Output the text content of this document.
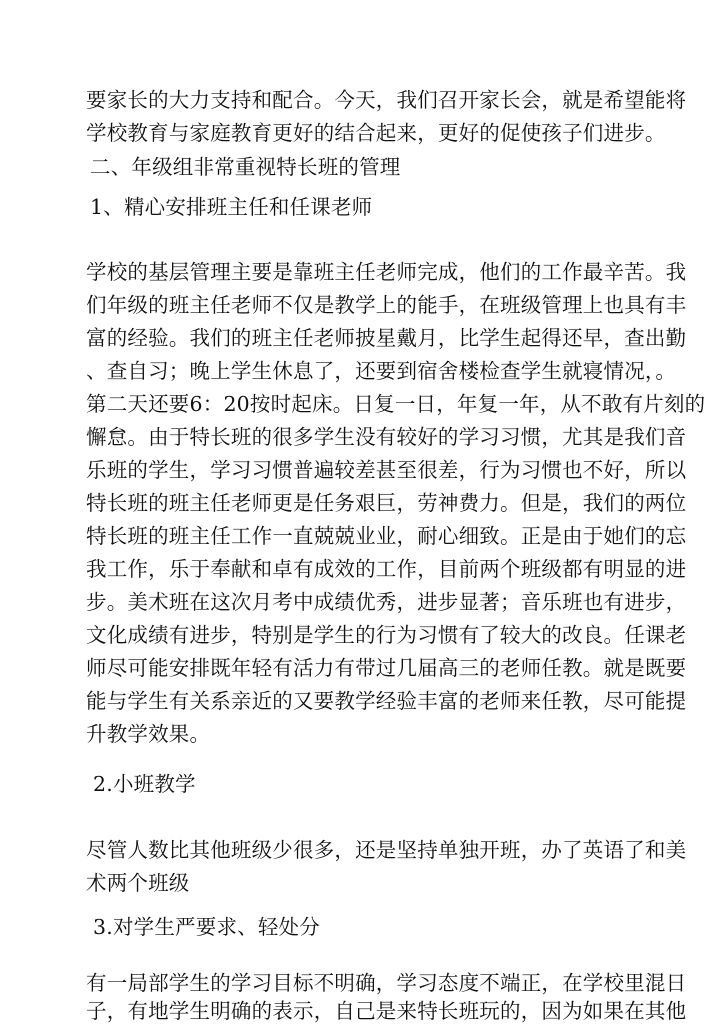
要家长的大力支持和配合。今天，我们召开家长会，就是希望能将
学校教育与家庭教育更好的结合起来，更好的促使孩子们进步。
二、年级组非常重视特长班的管理
1、精心安排班主任和任课老师
学校的基层管理主要是靠班主任老师完成，他们的工作最辛苦。我
们年级的班主任老师不仅是教学上的能手，在班级管理上也具有丰
富的经验。我们的班主任老师披星戴月，比学生起得还早，查出勤
、查自习；晚上学生休息了，还要到宿舍楼检查学生就寝情况，。
第二天还要6：20按时起床。日复一日，年复一年，从不敢有片刻的
懈怠。由于特长班的很多学生没有较好的学习习惯，尤其是我们音
乐班的学生，学习习惯普遍较差甚至很差，行为习惯也不好，所以
特长班的班主任老师更是任务艰巨，劳神费力。但是，我们的两位
特长班的班主任工作一直兢兢业业，耐心细致。正是由于她们的忘
我工作，乐于奉献和卓有成效的工作，目前两个班级都有明显的进
步。美术班在这次月考中成绩优秀，进步显著；音乐班也有进步，
文化成绩有进步，特别是学生的行为习惯有了较大的改良。任课老
师尽可能安排既年轻有活力有带过几届高三的老师任教。就是既要
能与学生有关系亲近的又要教学经验丰富的老师来任教，尽可能提
升教学效果。
2.小班教学
尽管人数比其他班级少很多，还是坚持单独开班，办了英语了和美
术两个班级
3.对学生严要求、轻处分
有一局部学生的学习目标不明确，学习态度不端正，在学校里混日
子，有地学生明确的表示，自己是来特长班玩的，因为如果在其他
